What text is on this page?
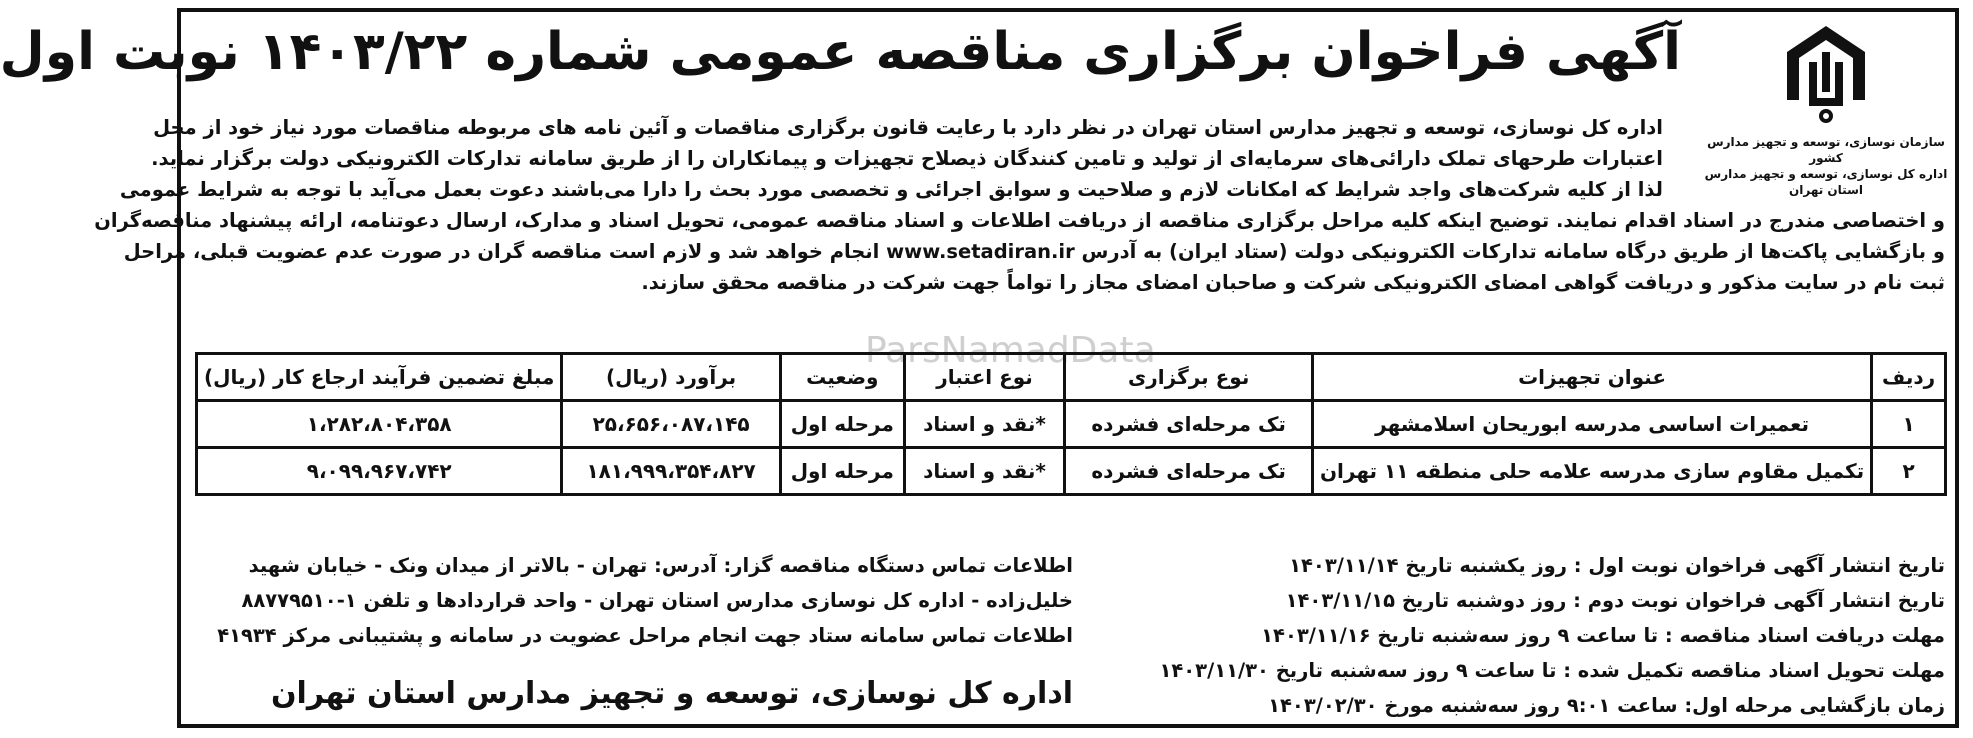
سازمان نوسازی، توسعه و تجهیز مدارس کشور
اداره کل نوسازی، توسعه و تجهیز مدارس استان تهران
آگهی فراخوان برگزاری مناقصه عمومی شماره ۱۴۰۳/۲۲ نوبت اول
ParsNamadData
اداره کل نوسازی، توسعه و تجهیز مدارس استان تهران در نظر دارد با رعایت قانون برگزاری مناقصات و آئین نامه های مربوطه مناقصات مورد نیاز خود از محل
اعتبارات طرحهای تملک دارائی‌های سرمایه‌ای از تولید و تامین کنندگان ذیصلاح تجهیزات و پیمانکاران را از طریق سامانه تدارکات الکترونیکی دولت برگزار نماید.
لذا از کلیه شرکت‌های واجد شرایط که امکانات لازم و صلاحیت و سوابق اجرائی و تخصصی مورد بحث را دارا می‌باشند دعوت بعمل می‌آید با توجه به شرایط عمومی
و اختصاصی مندرج در اسناد اقدام نمایند. توضیح اینکه کلیه مراحل برگزاری مناقصه از دریافت اطلاعات و اسناد مناقصه عمومی، تحویل اسناد و مدارک، ارسال دعوتنامه، ارائه پیشنهاد مناقصه‌گران
و بازگشایی پاکت‌ها از طریق درگاه سامانه تدارکات الکترونیکی دولت (ستاد ایران) به آدرس www.setadiran.ir انجام خواهد شد و لازم است مناقصه گران در صورت عدم عضویت قبلی، مراحل
ثبت نام در سایت مذکور و دریافت گواهی امضای الکترونیکی شرکت و صاحبان امضای مجاز را تواماً جهت شرکت در مناقصه محقق سازند.
ردیف	عنوان تجهیزات	نوع برگزاری	نوع اعتبار	وضعیت	برآورد (ریال)	مبلغ تضمین فرآیند ارجاع کار (ریال)
۱	تعمیرات اساسی مدرسه ابوریحان اسلامشهر	تک مرحله‌ای فشرده	*نقد و اسناد	مرحله اول	۲۵،۶۵۶،۰۸۷،۱۴۵	۱،۲۸۲،۸۰۴،۳۵۸
۲	تکمیل مقاوم سازی مدرسه علامه حلی منطقه ۱۱ تهران	تک مرحله‌ای فشرده	*نقد و اسناد	مرحله اول	۱۸۱،۹۹۹،۳۵۴،۸۲۷	۹،۰۹۹،۹۶۷،۷۴۲
تاریخ انتشار آگهی فراخوان نوبت اول : روز یکشنبه تاریخ ۱۴۰۳/۱۱/۱۴
تاریخ انتشار آگهی فراخوان نوبت دوم : روز دوشنبه تاریخ ۱۴۰۳/۱۱/۱۵
مهلت دریافت اسناد مناقصه : تا ساعت ۹ روز سه‌شنبه تاریخ ۱۴۰۳/۱۱/۱۶
مهلت تحویل اسناد مناقصه تکمیل شده : تا ساعت ۹ روز سه‌شنبه تاریخ ۱۴۰۳/۱۱/۳۰
زمان بازگشایی مرحله اول: ساعت ۹:۰۱ روز سه‌شنبه مورخ ۱۴۰۳/۰۲/۳۰
اطلاعات تماس دستگاه مناقصه گزار: آدرس: تهران - بالاتر از میدان ونک - خیابان شهید
خلیل‌زاده - اداره کل نوسازی مدارس استان تهران - واحد قراردادها و تلفن ۱-۸۸۷۷۹۵۱۰
اطلاعات تماس سامانه ستاد جهت انجام مراحل عضویت در سامانه و پشتیبانی مرکز ۴۱۹۳۴
اداره کل نوسازی، توسعه و تجهیز مدارس استان تهران
